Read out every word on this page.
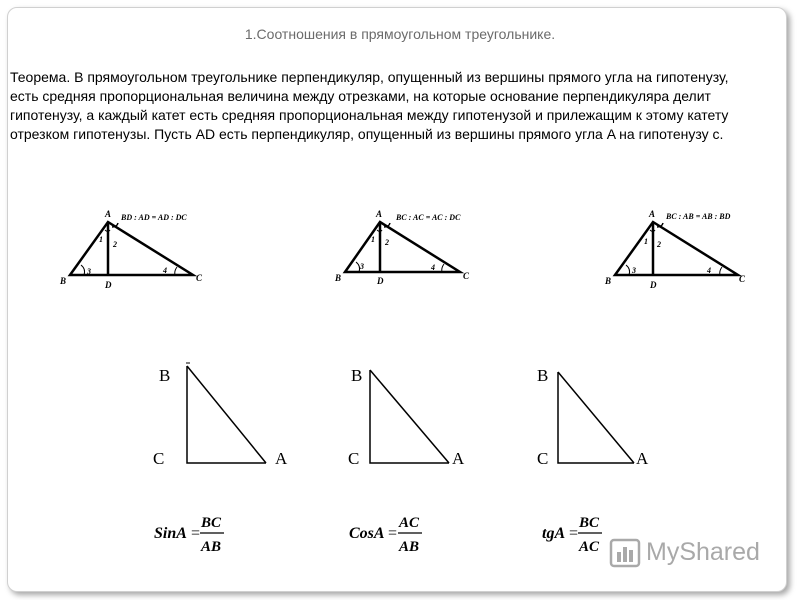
1.Соотношения в прямоугольном треугольнике.

Теорема. В прямоугольном треугольнике перпендикуляр, опущенный из вершины прямого угла на гипотенузу, есть средняя пропорциональная величина между отрезками, на которые основание перпендикуляра делит гипотенузу, а каждый катет есть средняя пропорциональная между гипотенузой и прилежащим к этому катету отрезком гипотенузы. Пусть AD есть перпендикуляр, опущенный из вершины прямого угла A на гипотенузу c.

A
B	C
D
1
2
3	4
BD : AD = AD : DC	A
B	C
D
1 2
3	4
BC : AC = AC : DC	A
B	C
D
1 2
3	4
BC : AB = AB : BD
B
C	A
B
C	A
B
C	A
SinA =
BC
AB
CosA =
AC
AB
tgA =
BC
AC MyShared
